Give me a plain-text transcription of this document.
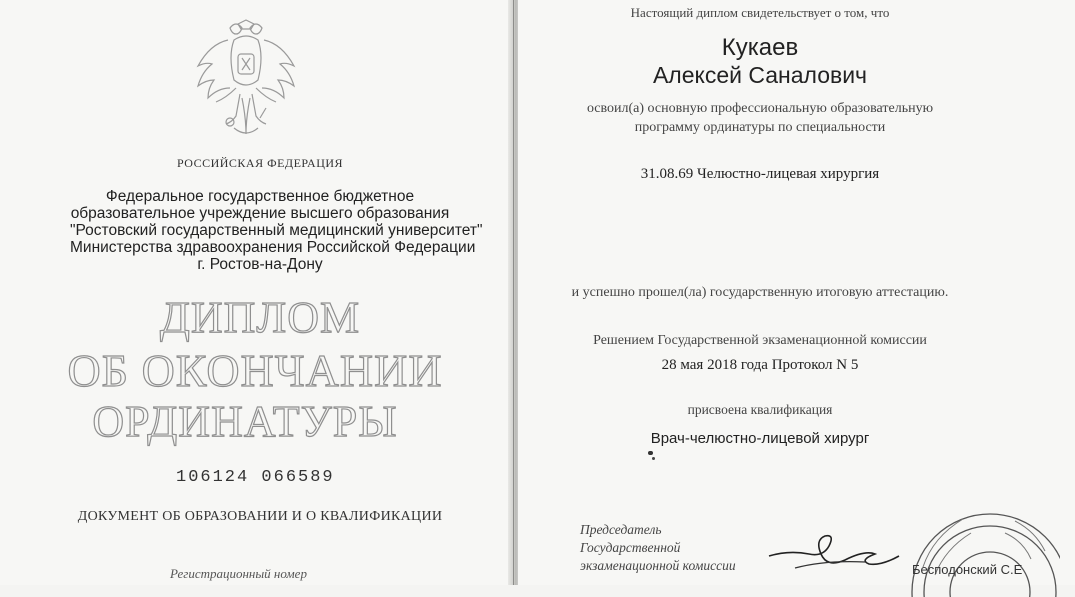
РОССИЙСКАЯ ФЕДЕРАЦИЯ
Федеральное государственное бюджетное
образовательное учреждение высшего образования
"Ростовский государственный медицинский университет"
Министерства здравоохранения Российской Федерации
г. Ростов-на-Дону
ДИПЛОМ
ОБ ОКОНЧАНИИ
ОРДИНАТУРЫ
106124 066589
ДОКУМЕНТ ОБ ОБРАЗОВАНИИ И О КВАЛИФИКАЦИИ
Регистрационный номер
Настоящий диплом свидетельствует о том, что
Кукаев
Алексей Саналович
освоил(а) основную профессиональную образовательную
программу ординатуры по специальности
31.08.69 Челюстно-лицевая хирургия
и успешно прошел(ла) государственную итоговую аттестацию.
Решением Государственной экзаменационной комиссии
28 мая 2018 года Протокол N 5
присвоена квалификация
Врач-челюстно-лицевой хирург
Председатель
Государственной
экзаменационной комиссии	Бесподонский С.Е
